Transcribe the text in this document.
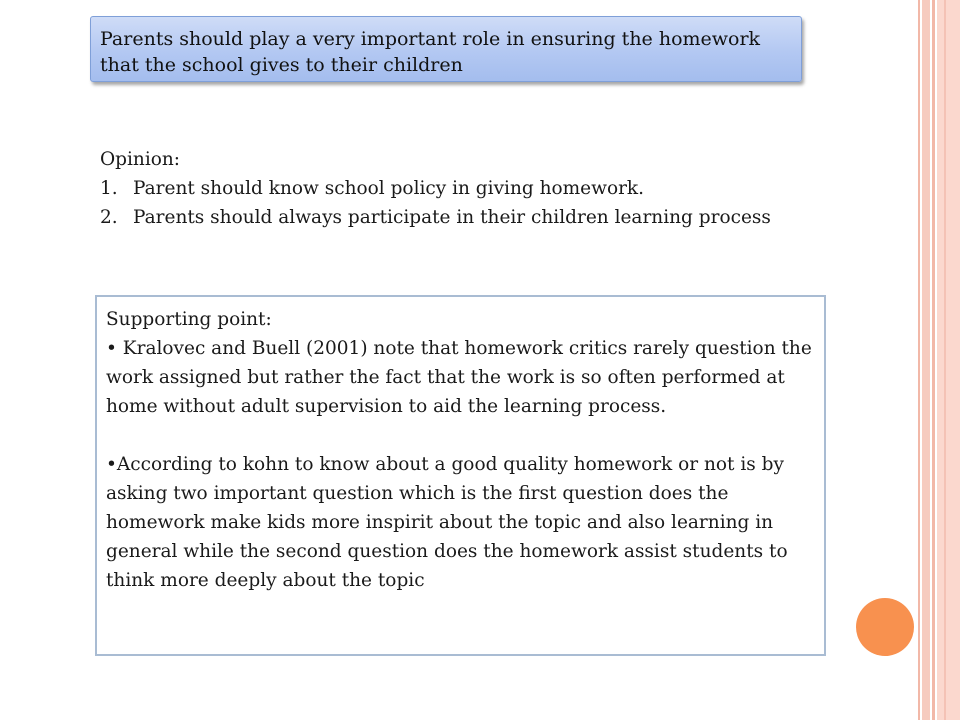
Parents should play a very important role in ensuring the homework that the school gives to their children
Opinion:
1. Parent should know school policy in giving homework.
2. Parents should always participate in their children learning process

Supporting point:

• Kralovec and Buell (2001) note that homework critics rarely question the work assigned but rather the fact that the work is so often performed at home without adult supervision to aid the learning process.

•According to kohn to know about a good quality homework or not is by asking two important question which is the first question does the homework make kids more inspirit about the topic and also learning in general while the second question does the homework assist students to think more deeply about the topic
